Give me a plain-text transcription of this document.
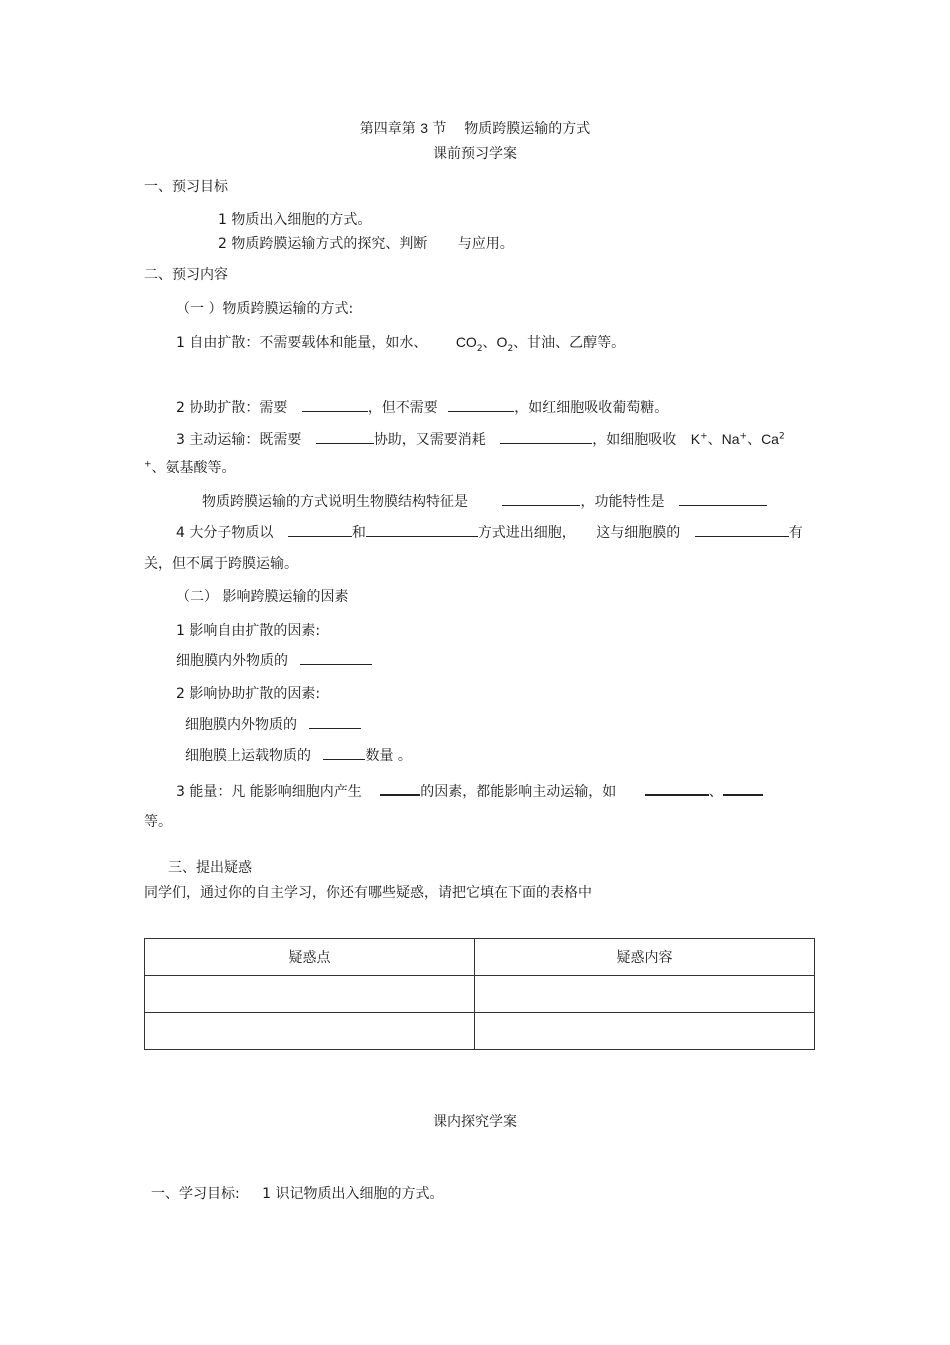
第四章第 3 节 物质跨膜运输的方式
课前预习学案
一、预习目标
1 物质出入细胞的方式。
2 物质跨膜运输方式的探究、判断 与应用。
二、预习内容
（一 ）物质跨膜运输的方式:
1 自由扩散：不需要载体和能量，如水、 $CO_2$、$O_2$、甘油、乙醇等。
2 协助扩散：需要	，但不需要	，如红细胞吸收葡萄糖。
3 主动运输：既需要	协助，又需要消耗	，如细胞吸收 K+、Na+、Ca$^2$
+、氨基酸等。
物质跨膜运输的方式说明生物膜结构特征是	，功能特性是
4 大分子物质以	和	方式进出细胞， 这与细胞膜的	有
关，但不属于跨膜运输。
（二） 影响跨膜运输的因素
1 影响自由扩散的因素:
细胞膜内外物质的
2 影响协助扩散的因素:
细胞膜内外物质的
细胞膜上运载物质的	数量 。
3 能量：凡 能影响细胞内产生	的因素，都能影响主动运输，如	、
等。
三、提出疑惑
同学们，通过你的自主学习，你还有哪些疑惑，请把它填在下面的表格中
疑惑点	疑惑内容

课内探究学案
一、学习目标: 1 识记物质出入细胞的方式。
